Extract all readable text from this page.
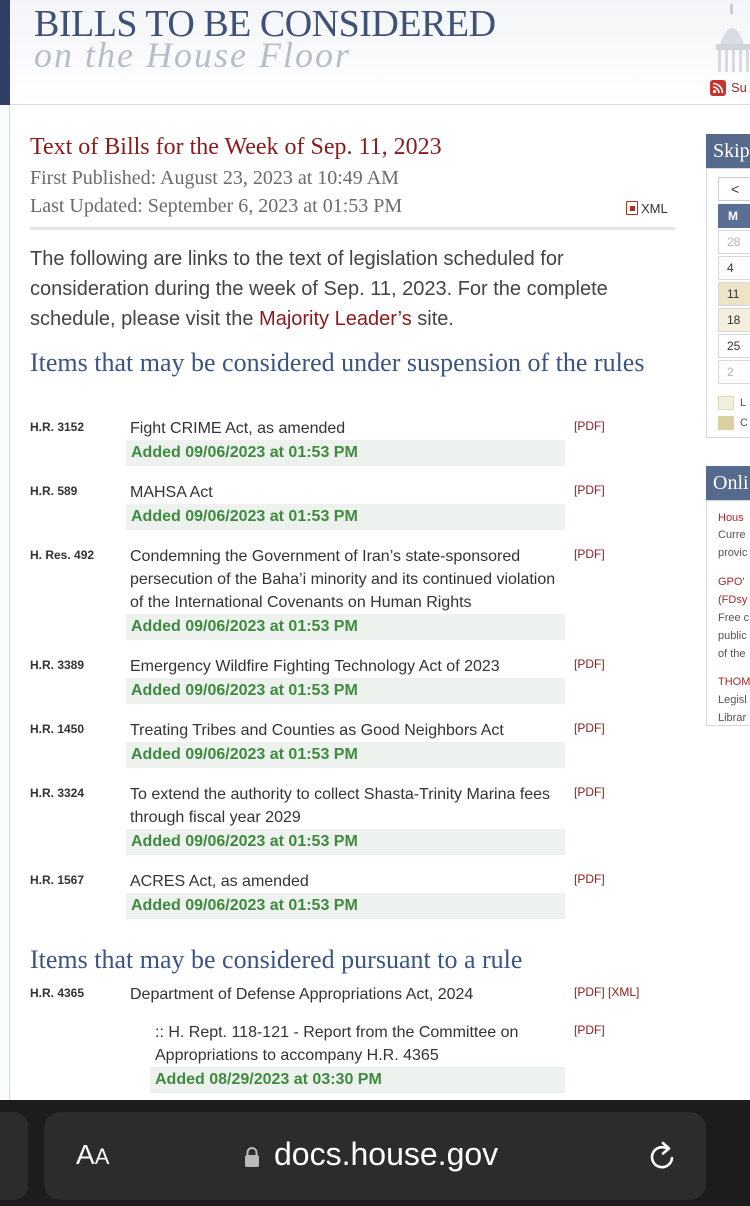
on the House Floor
BILLS TO BE CONSIDERED
Su
Text of Bills for the Week of Sep. 11, 2023
First Published: August 23, 2023 at 10:49 AM
Last Updated: September 6, 2023 at 01:53 PM	XML
The following are links to the text of legislation scheduled for consideration during the week of Sep. 11, 2023. For the complete schedule, please visit the Majority Leader’s site.
Items that may be considered under suspension of the rules
H.R. 3152	Fight CRIME Act, as amended
Added 09/06/2023 at 01:53 PM
[PDF]
H.R. 589	MAHSA Act
Added 09/06/2023 at 01:53 PM
[PDF]
H. Res. 492 Condemning the Government of Iran’s state-sponsored persecution of the Baha’i minority and its continued violation of the International Covenants on Human Rights
Added 09/06/2023 at 01:53 PM
[PDF]
H.R. 3389	Emergency Wildfire Fighting Technology Act of 2023
Added 09/06/2023 at 01:53 PM
[PDF]
H.R. 1450	Treating Tribes and Counties as Good Neighbors Act
Added 09/06/2023 at 01:53 PM
[PDF]
H.R. 3324	To extend the authority to collect Shasta-Trinity Marina fees through fiscal year 2029
Added 09/06/2023 at 01:53 PM
[PDF]
H.R. 1567	ACRES Act, as amended
Added 09/06/2023 at 01:53 PM
[PDF]
Items that may be considered pursuant to a rule
H.R. 4365	Department of Defense Appropriations Act, 2024	[PDF] [XML]
:: H. Rept. 118-121 - Report from the Committee on Appropriations to accompany H.R. 4365
[PDF]
Added 08/29/2023 at 03:30 PM
Skip
<
M
28
4
11
18
25
2
L
C
Onli
Hous
Curre
provic
GPO'
(FDsy
Free c
public
of the
THOM
Legisl
Librar
AA	docs.house.gov
